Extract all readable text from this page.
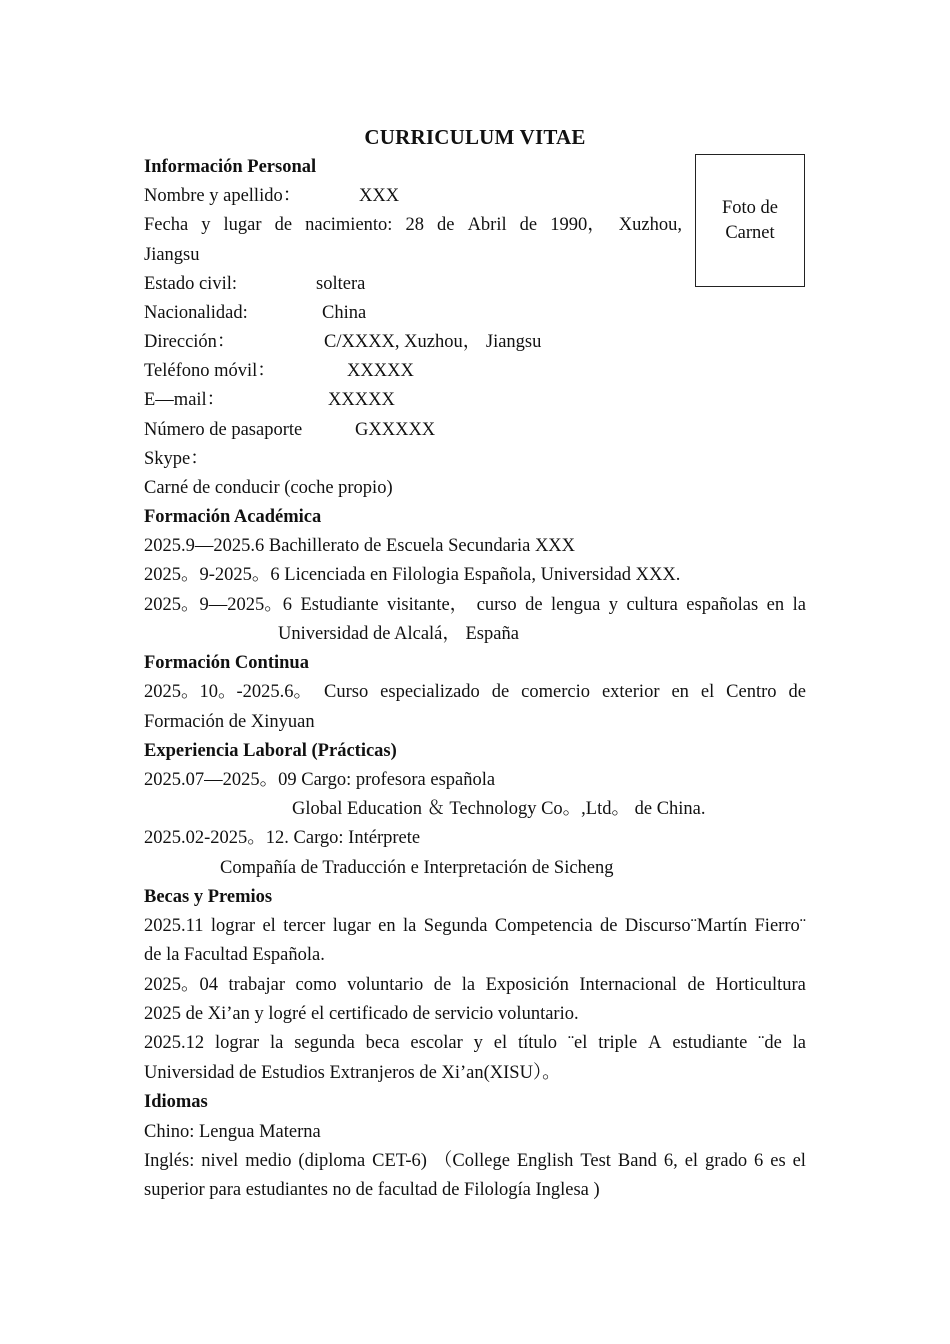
CURRICULUM VITAE
Foto de Carnet
Información Personal
Nombre y apellido：	XXX
Fecha y lugar de nacimiento: 28 de Abril de 1990， Xuzhou,
Jiangsu
Estado civil:	soltera
Nacionalidad:	China
Dirección：	C/XXXX, Xuzhou， Jiangsu
Teléfono móvil：	XXXXX
E—mail：	XXXXX
Número de pasaporte	GXXXXX
Skype：
Carné de conducir (coche propio)
Formación Académica
2025.9—2025.6 Bachillerato de Escuela Secundaria XXX
2025。9-2025。6 Licenciada en Filologia Española, Universidad XXX.
2025。9—2025。6 Estudiante visitante， curso de lengua y cultura españolas en la
Universidad de Alcalá， España
Formación Continua
2025。10。-2025.6。 Curso especializado de comercio exterior en el Centro de
Formación de Xinyuan
Experiencia Laboral (Prácticas)
2025.07—2025。09 Cargo: profesora española
Global Education ＆ Technology Co。,Ltd。 de China.
2025.02-2025。12. Cargo: Intérprete
Compañía de Traducción e Interpretación de Sicheng
Becas y Premios
2025.11 lograr el tercer lugar en la Segunda Competencia de Discurso¨Martín Fierro¨
de la Facultad Española.
2025。04 trabajar como voluntario de la Exposición Internacional de Horticultura
2025 de Xi’an y logré el certificado de servicio voluntario.
2025.12 lograr la segunda beca escolar y el título ¨el triple A estudiante ¨de la
Universidad de Estudios Extranjeros de Xi’an(XISU）。
Idiomas
Chino: Lengua Materna
Inglés: nivel medio (diploma CET-6) （College English Test Band 6, el grado 6 es el
superior para estudiantes no de facultad de Filología Inglesa )
